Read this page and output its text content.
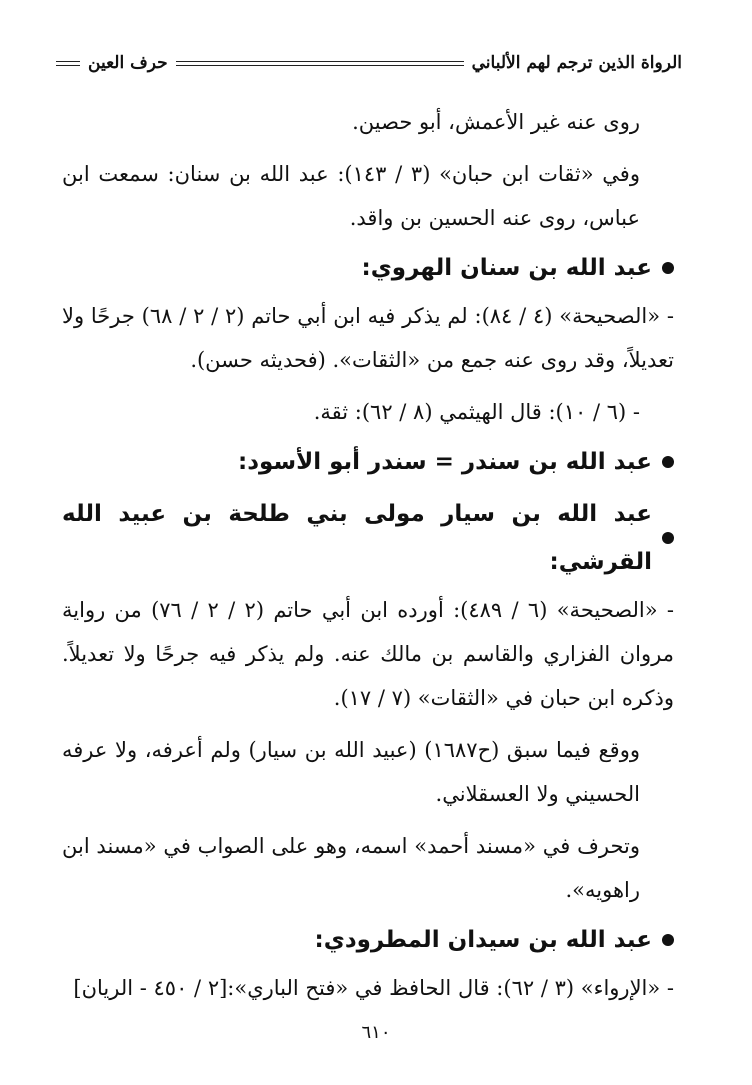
الرواة الذين ترجم لهم الألباني
حرف العين

روى عنه غير الأعمش، أبو حصين.

وفي «ثقات ابن حبان» (٣ / ١٤٣): عبد الله بن سنان: سمعت ابن عباس، روى عنه الحسين بن واقد.

عبد الله بن سنان الهروي:

- «الصحيحة» (٤ / ٨٤): لم يذكر فيه ابن أبي حاتم (٢ / ٢ / ٦٨) جرحًا ولا تعديلاً، وقد روى عنه جمع من «الثقات». (فحديثه حسن).

- (٦ / ١٠): قال الهيثمي (٨ / ٦٢): ثقة.

عبد الله بن سندر = سندر أبو الأسود:
عبد الله بن سيار مولى بني طلحة بن عبيد الله القرشي:

- «الصحيحة» (٦ / ٤٨٩): أورده ابن أبي حاتم (٢ / ٢ / ٧٦) من رواية مروان الفزاري والقاسم بن مالك عنه. ولم يذكر فيه جرحًا ولا تعديلاً. وذكره ابن حبان في «الثقات» (٧ / ١٧).

ووقع فيما سبق (ح١٦٨٧) (عبيد الله بن سيار) ولم أعرفه، ولا عرفه الحسيني ولا العسقلاني.

وتحرف في «مسند أحمد» اسمه، وهو على الصواب في «مسند ابن راهويه».

عبد الله بن سيدان المطرودي:

- «الإرواء» (٣ / ٦٢): قال الحافظ في «فتح الباري»:[٢ / ٤٥٠ - الريان]

٦١٠
